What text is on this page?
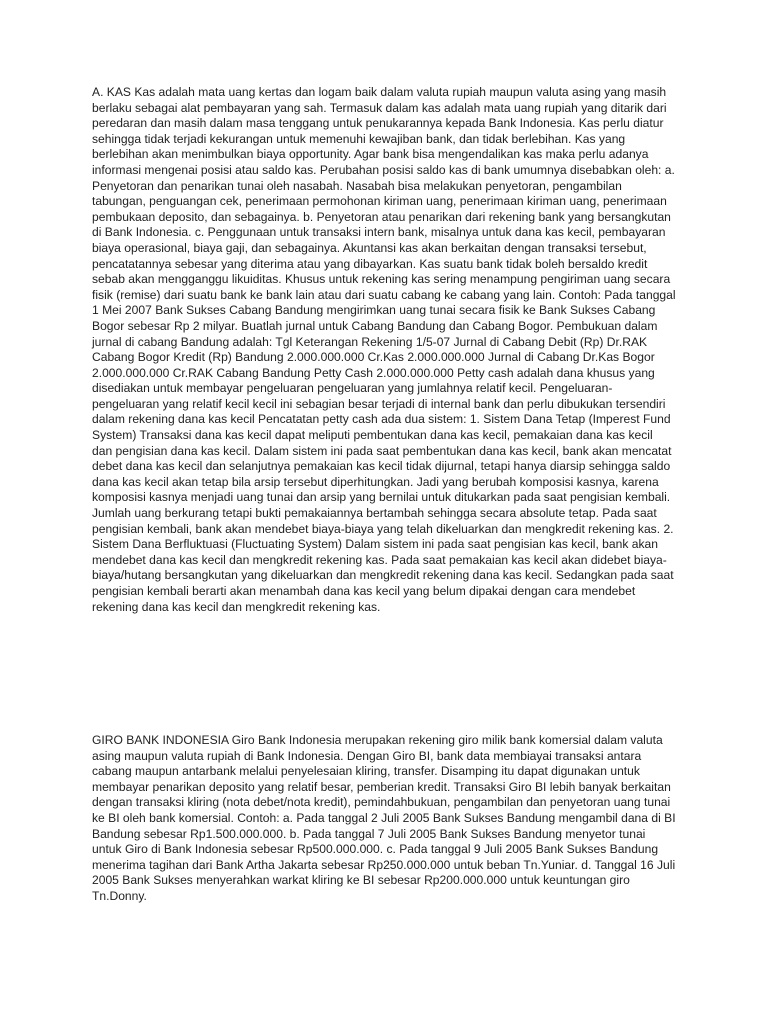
A. KAS Kas adalah mata uang kertas dan logam baik dalam valuta rupiah maupun valuta asing yang masih berlaku sebagai alat pembayaran yang sah. Termasuk dalam kas adalah mata uang rupiah yang ditarik dari peredaran dan masih dalam masa tenggang untuk penukarannya kepada Bank Indonesia. Kas perlu diatur sehingga tidak terjadi kekurangan untuk memenuhi kewajiban bank, dan tidak berlebihan. Kas yang berlebihan akan menimbulkan biaya opportunity. Agar bank bisa mengendalikan kas maka perlu adanya informasi mengenai posisi atau saldo kas. Perubahan posisi saldo kas di bank umumnya disebabkan oleh: a. Penyetoran dan penarikan tunai oleh nasabah. Nasabah bisa melakukan penyetoran, pengambilan tabungan, penguangan cek, penerimaan permohonan kiriman uang, penerimaan kiriman uang, penerimaan pembukaan deposito, dan sebagainya. b. Penyetoran atau penarikan dari rekening bank yang bersangkutan di Bank Indonesia. c. Penggunaan untuk transaksi intern bank, misalnya untuk dana kas kecil, pembayaran biaya operasional, biaya gaji, dan sebagainya. Akuntansi kas akan berkaitan dengan transaksi tersebut, pencatatannya sebesar yang diterima atau yang dibayarkan. Kas suatu bank tidak boleh bersaldo kredit sebab akan mengganggu likuiditas. Khusus untuk rekening kas sering menampung pengiriman uang secara fisik (remise) dari suatu bank ke bank lain atau dari suatu cabang ke cabang yang lain. Contoh: Pada tanggal 1 Mei 2007 Bank Sukses Cabang Bandung mengirimkan uang tunai secara fisik ke Bank Sukses Cabang Bogor sebesar Rp 2 milyar. Buatlah jurnal untuk Cabang Bandung dan Cabang Bogor. Pembukuan dalam jurnal di cabang Bandung adalah: Tgl Keterangan Rekening 1/5-07 Jurnal di Cabang Debit (Rp) Dr.RAK Cabang Bogor Kredit (Rp) Bandung 2.000.000.000 Cr.Kas 2.000.000.000 Jurnal di Cabang Dr.Kas Bogor 2.000.000.000 Cr.RAK Cabang Bandung Petty Cash 2.000.000.000 Petty cash adalah dana khusus yang disediakan untuk membayar pengeluaran pengeluaran yang jumlahnya relatif kecil. Pengeluaran-pengeluaran yang relatif kecil kecil ini sebagian besar terjadi di internal bank dan perlu dibukukan tersendiri dalam rekening dana kas kecil Pencatatan petty cash ada dua sistem: 1. Sistem Dana Tetap (Imperest Fund System) Transaksi dana kas kecil dapat meliputi pembentukan dana kas kecil, pemakaian dana kas kecil dan pengisian dana kas kecil. Dalam sistem ini pada saat pembentukan dana kas kecil, bank akan mencatat debet dana kas kecil dan selanjutnya pemakaian kas kecil tidak dijurnal, tetapi hanya diarsip sehingga saldo dana kas kecil akan tetap bila arsip tersebut diperhitungkan. Jadi yang berubah komposisi kasnya, karena komposisi kasnya menjadi uang tunai dan arsip yang bernilai untuk ditukarkan pada saat pengisian kembali. Jumlah uang berkurang tetapi bukti pemakaiannya bertambah sehingga secara absolute tetap. Pada saat pengisian kembali, bank akan mendebet biaya-biaya yang telah dikeluarkan dan mengkredit rekening kas. 2. Sistem Dana Berfluktuasi (Fluctuating System) Dalam sistem ini pada saat pengisian kas kecil, bank akan mendebet dana kas kecil dan mengkredit rekening kas. Pada saat pemakaian kas kecil akan didebet biaya-biaya/hutang bersangkutan yang dikeluarkan dan mengkredit rekening dana kas kecil. Sedangkan pada saat pengisian kembali berarti akan menambah dana kas kecil yang belum dipakai dengan cara mendebet rekening dana kas kecil dan mengkredit rekening kas.

GIRO BANK INDONESIA Giro Bank Indonesia merupakan rekening giro milik bank komersial dalam valuta asing maupun valuta rupiah di Bank Indonesia. Dengan Giro BI, bank data membiayai transaksi antara cabang maupun antarbank melalui penyelesaian kliring, transfer. Disamping itu dapat digunakan untuk membayar penarikan deposito yang relatif besar, pemberian kredit. Transaksi Giro BI lebih banyak berkaitan dengan transaksi kliring (nota debet/nota kredit), pemindahbukuan, pengambilan dan penyetoran uang tunai ke BI oleh bank komersial. Contoh: a. Pada tanggal 2 Juli 2005 Bank Sukses Bandung mengambil dana di BI Bandung sebesar Rp1.500.000.000. b. Pada tanggal 7 Juli 2005 Bank Sukses Bandung menyetor tunai untuk Giro di Bank Indonesia sebesar Rp500.000.000. c. Pada tanggal 9 Juli 2005 Bank Sukses Bandung menerima tagihan dari Bank Artha Jakarta sebesar Rp250.000.000 untuk beban Tn.Yuniar. d. Tanggal 16 Juli 2005 Bank Sukses menyerahkan warkat kliring ke BI sebesar Rp200.000.000 untuk keuntungan giro Tn.Donny.
